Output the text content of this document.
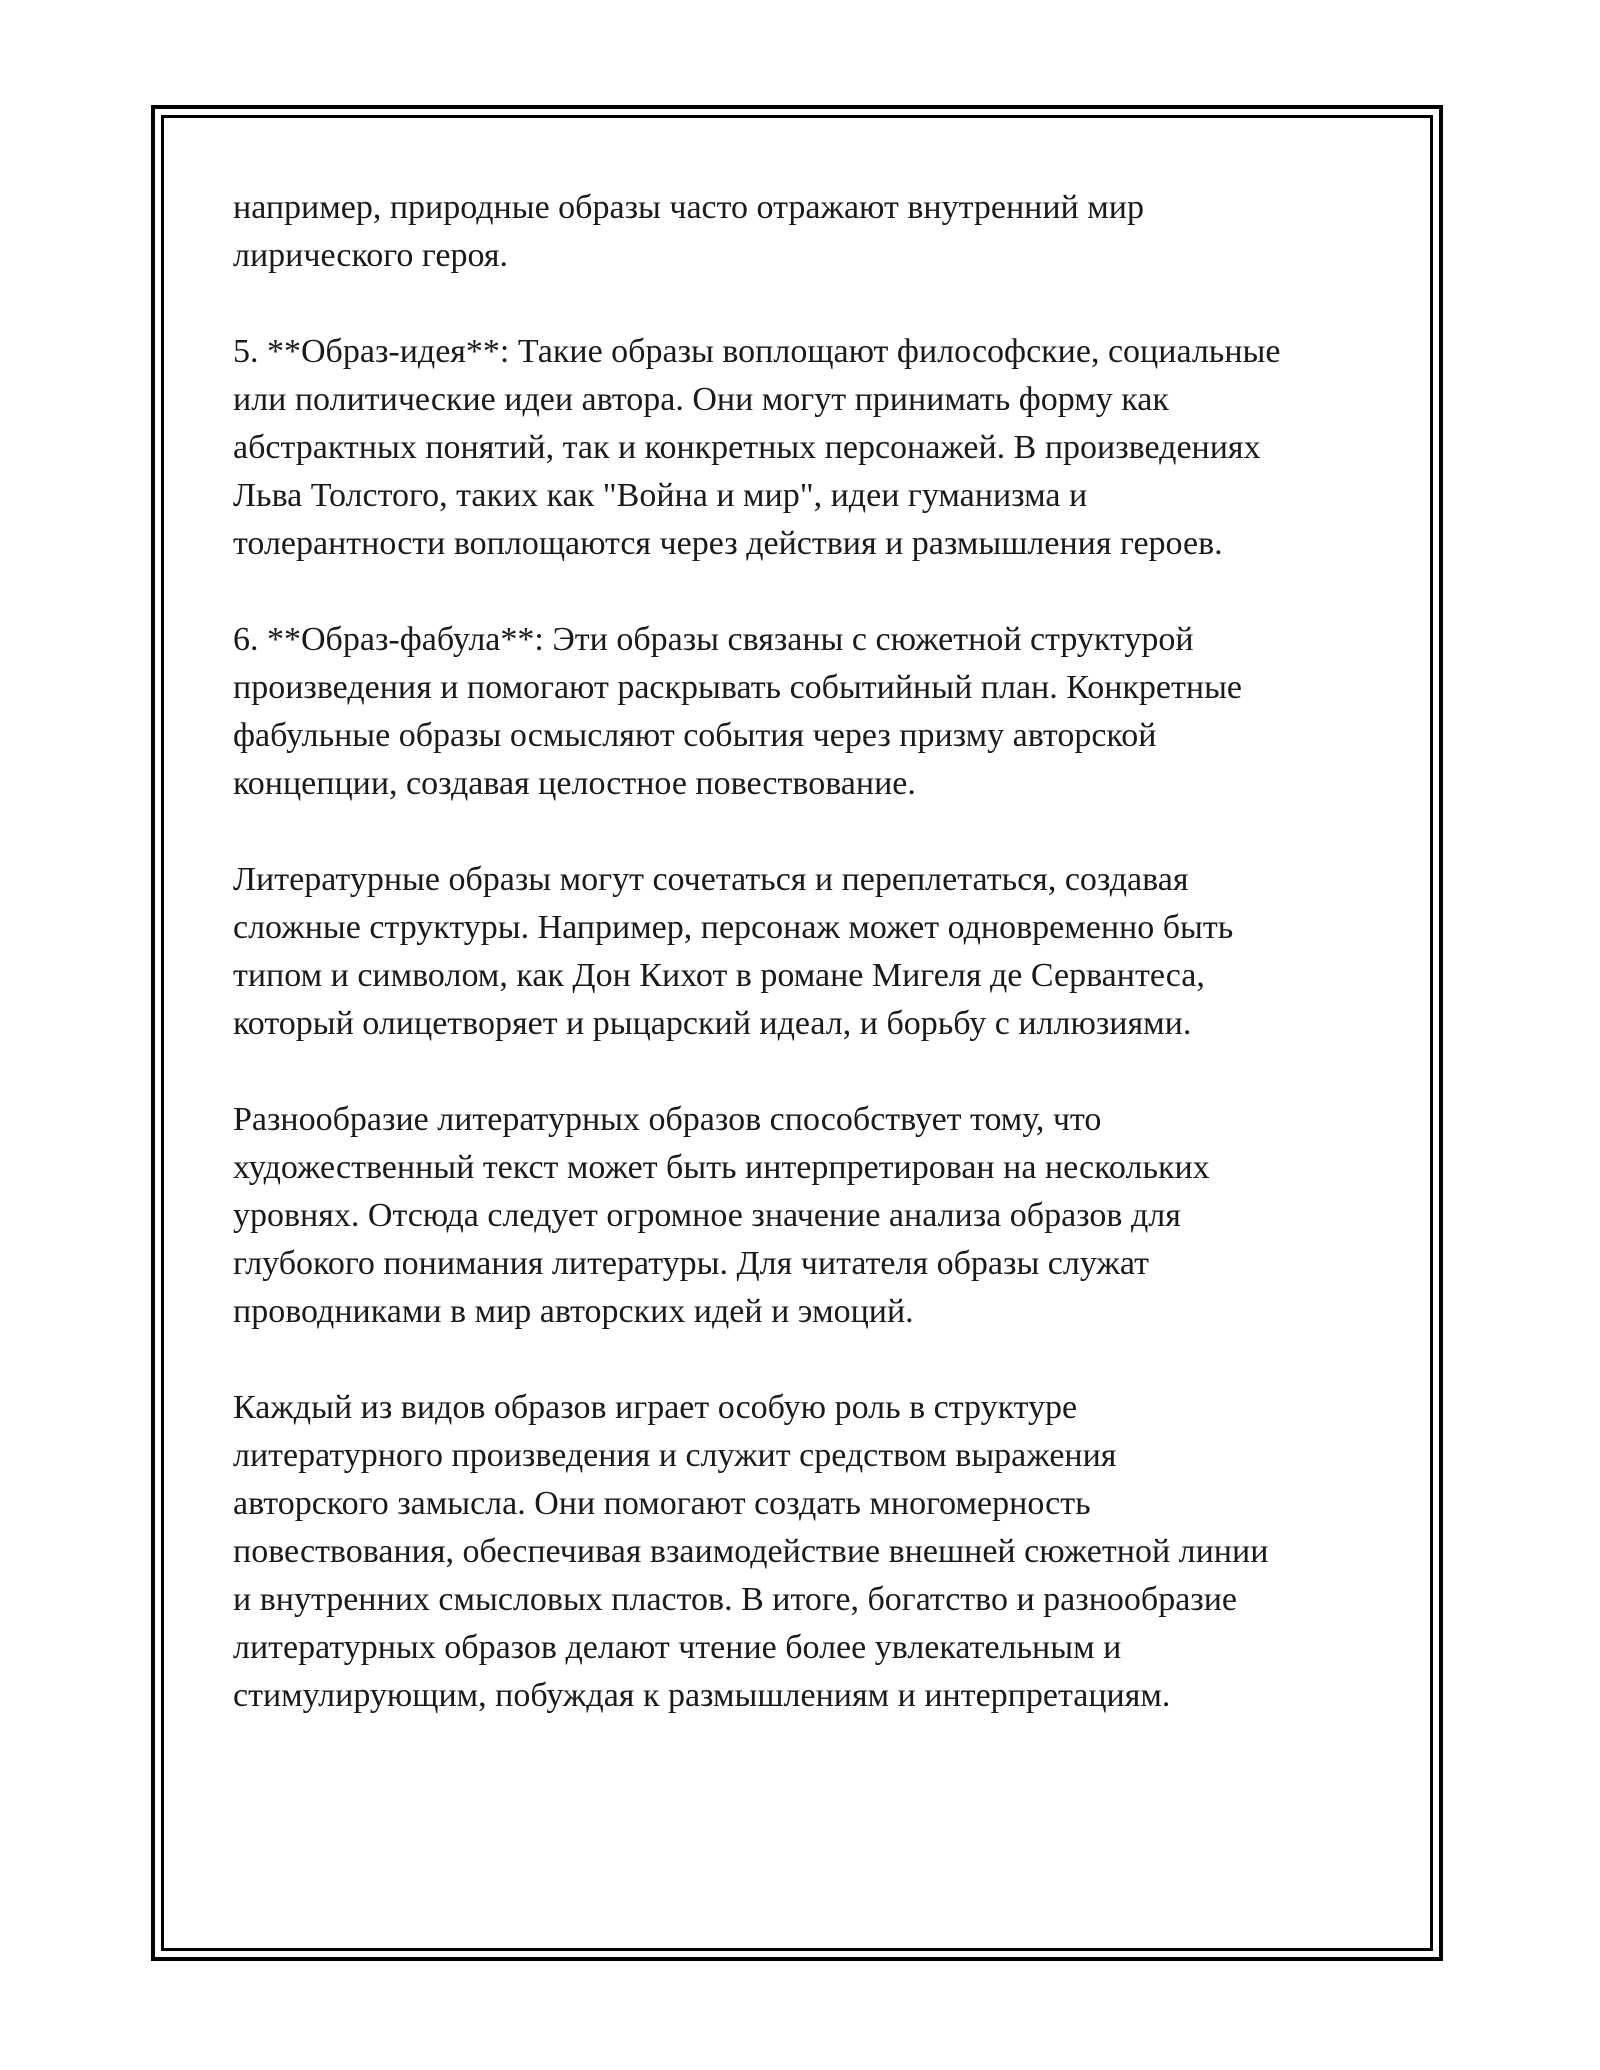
например, природные образы часто отражают внутренний мир
лирического героя.

5. **Образ-идея**: Такие образы воплощают философские, социальные
или политические идеи автора. Они могут принимать форму как
абстрактных понятий, так и конкретных персонажей. В произведениях
Льва Толстого, таких как "Война и мир", идеи гуманизма и
толерантности воплощаются через действия и размышления героев.

6. **Образ-фабула**: Эти образы связаны с сюжетной структурой
произведения и помогают раскрывать событийный план. Конкретные
фабульные образы осмысляют события через призму авторской
концепции, создавая целостное повествование.

Литературные образы могут сочетаться и переплетаться, создавая
сложные структуры. Например, персонаж может одновременно быть
типом и символом, как Дон Кихот в романе Мигеля де Сервантеса,
который олицетворяет и рыцарский идеал, и борьбу с иллюзиями.

Разнообразие литературных образов способствует тому, что
художественный текст может быть интерпретирован на нескольких
уровнях. Отсюда следует огромное значение анализа образов для
глубокого понимания литературы. Для читателя образы служат
проводниками в мир авторских идей и эмоций.

Каждый из видов образов играет особую роль в структуре
литературного произведения и служит средством выражения
авторского замысла. Они помогают создать многомерность
повествования, обеспечивая взаимодействие внешней сюжетной линии
и внутренних смысловых пластов. В итоге, богатство и разнообразие
литературных образов делают чтение более увлекательным и
стимулирующим, побуждая к размышлениям и интерпретациям.
